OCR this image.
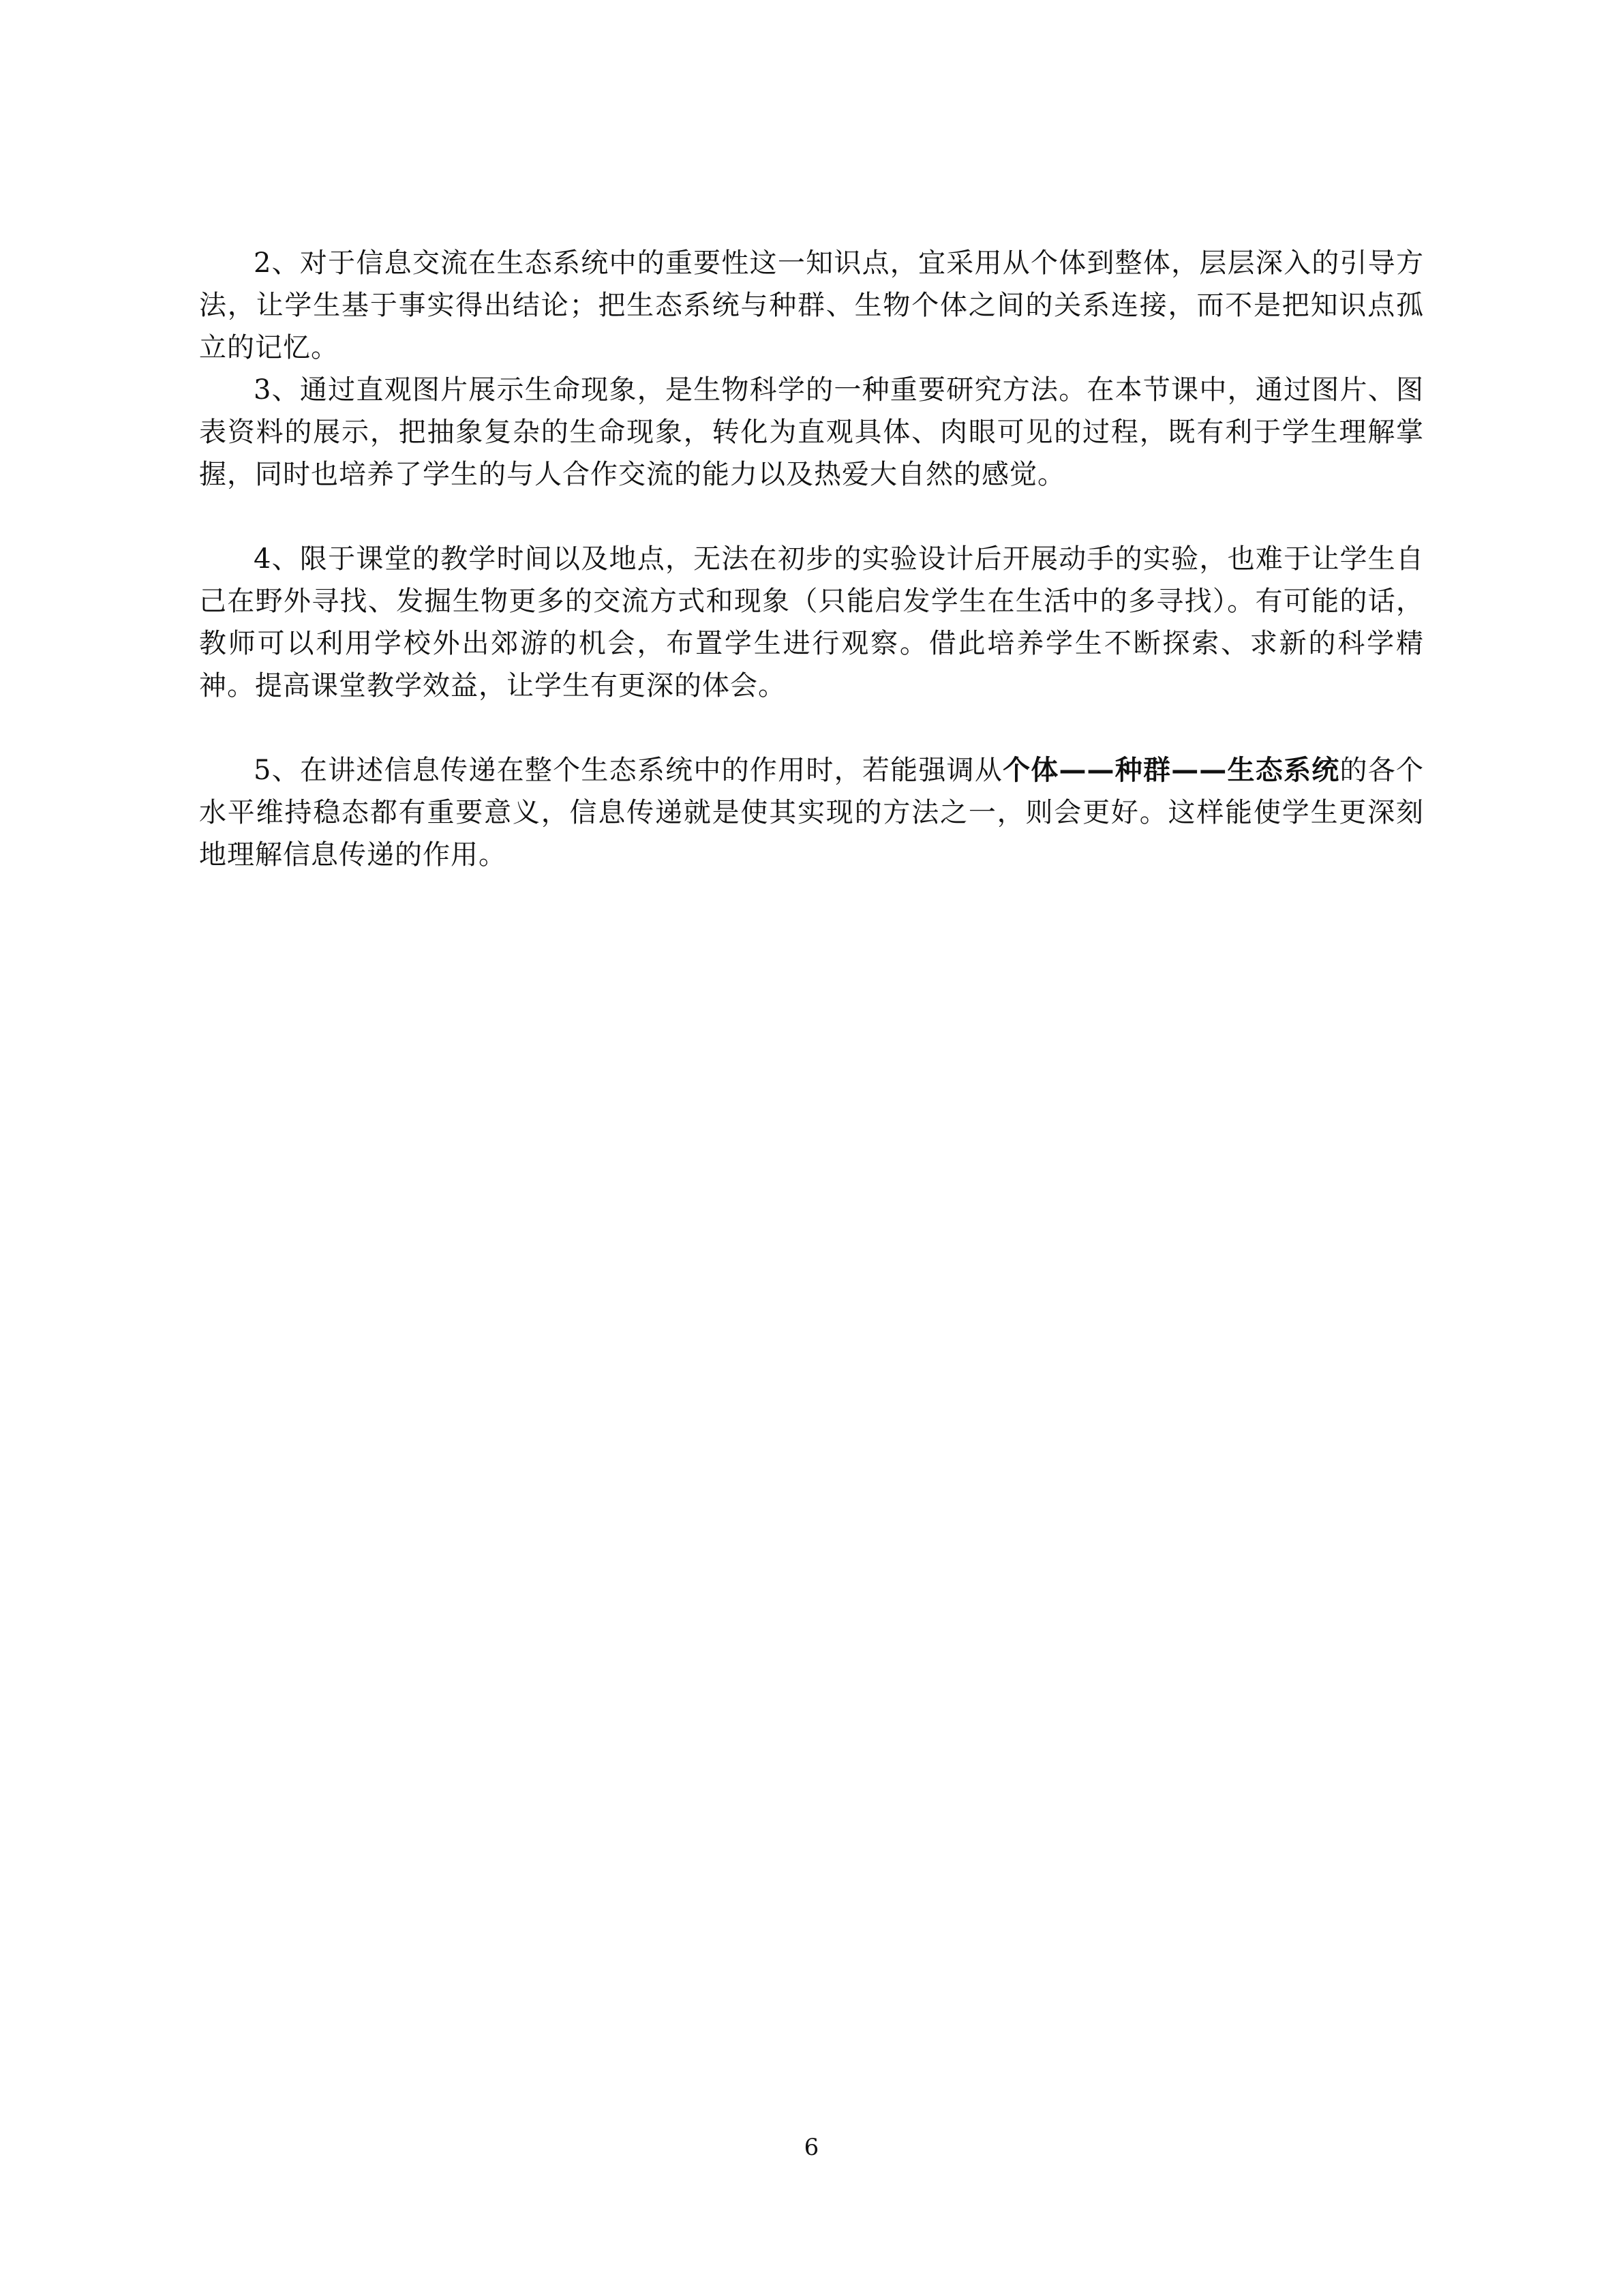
2、对于信息交流在生态系统中的重要性这一知识点，宜采用从个体到整体，层层深入的引导方法，让学生基于事实得出结论；把生态系统与种群、生物个体之间的关系连接，而不是把知识点孤立的记忆。

3、通过直观图片展示生命现象，是生物科学的一种重要研究方法。在本节课中，通过图片、图表资料的展示，把抽象复杂的生命现象，转化为直观具体、肉眼可见的过程，既有利于学生理解掌握，同时也培养了学生的与人合作交流的能力以及热爱大自然的感觉。

4、限于课堂的教学时间以及地点，无法在初步的实验设计后开展动手的实验，也难于让学生自己在野外寻找、发掘生物更多的交流方式和现象（只能启发学生在生活中的多寻找）。有可能的话，教师可以利用学校外出郊游的机会，布置学生进行观察。借此培养学生不断探索、求新的科学精神。提高课堂教学效益，让学生有更深的体会。

5、在讲述信息传递在整个生态系统中的作用时，若能强调从个体——种群——生态系统的各个水平维持稳态都有重要意义，信息传递就是使其实现的方法之一，则会更好。这样能使学生更深刻地理解信息传递的作用。

6
